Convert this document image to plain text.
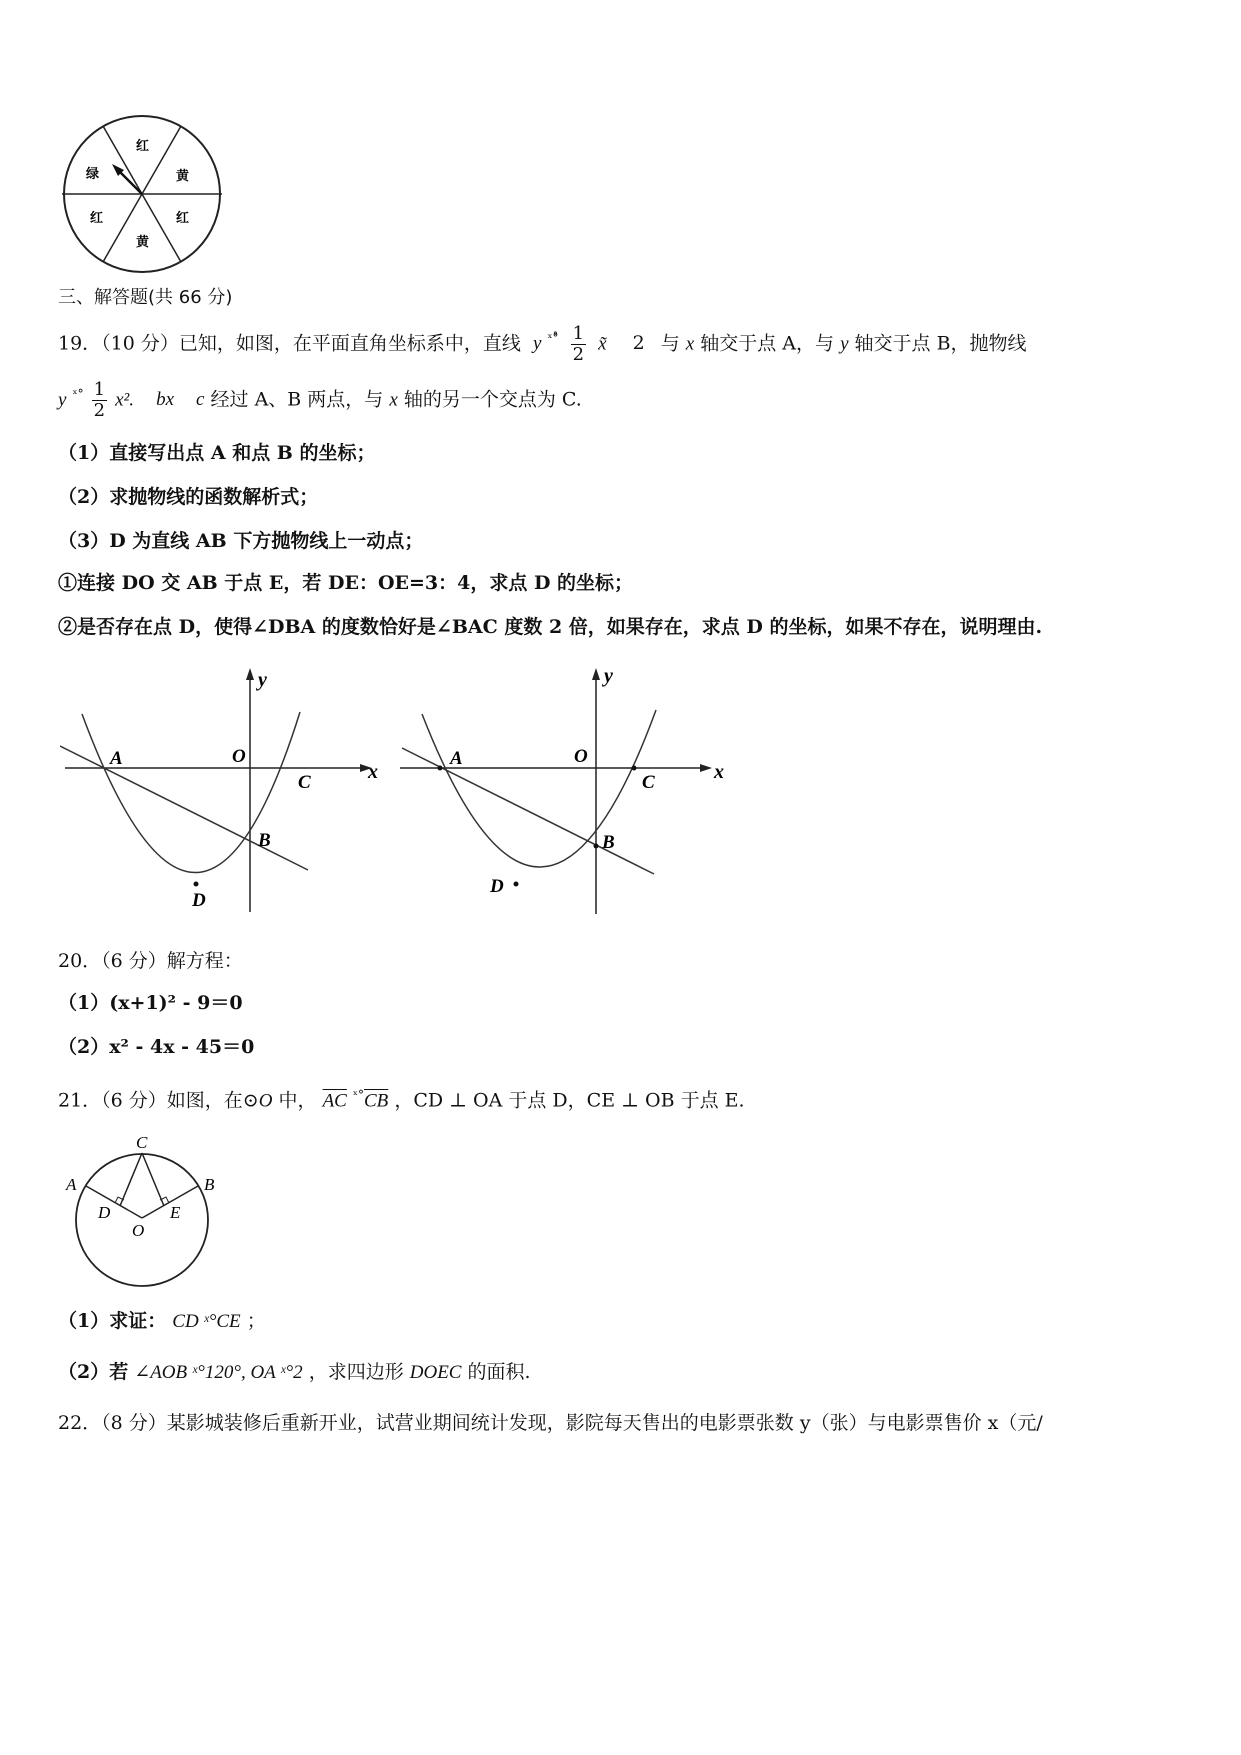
红
黄
红
黄
红
绿
三、解答题(共 66 分)
19．（10 分）已知，如图，在平面直角坐标系中，直线 y $^{ˣ^\circ̊} \frac{1}{2}$ x̃ 2 与 x 轴交于点 A，与 y 轴交于点 B，抛物线
y $^{ˣ^\circ} \frac{1}{2} x^2$. bx c 经过 A、B 两点，与 x 轴的另一个交点为 C.
（1）直接写出点 A 和点 B 的坐标；
（2）求抛物线的函数解析式；
（3）D 为直线 AB 下方抛物线上一动点；
①连接 DO 交 AB 于点 E，若 DE：OE=3：4，求点 D 的坐标；
②是否存在点 D，使得∠DBA 的度数恰好是∠BAC 度数 2 倍，如果存在，求点 D 的坐标，如果不存在，说明理由.
y
x
A	O
C
B
D
y
x
A	O
C
B
D
20．（6 分）解方程：
（1）(x+1)² - 9＝0
（2）x² - 4x - 45＝0
21．（6 分）如图，在⊙O 中， $\overline{AC}$ $^{ˣ^\circ}\overline{CB}$ ，CD ⊥ OA 于点 D，CE ⊥ OB 于点 E.
C
A	B
D	E
O
（1）求证： CD ˣ°CE ；
（2）若 ∠AOB ˣ°120°, OA ˣ°2 ，求四边形 DOEC 的面积.
22．（8 分）某影城装修后重新开业，试营业期间统计发现，影院每天售出的电影票张数 y（张）与电影票售价 x（元/
